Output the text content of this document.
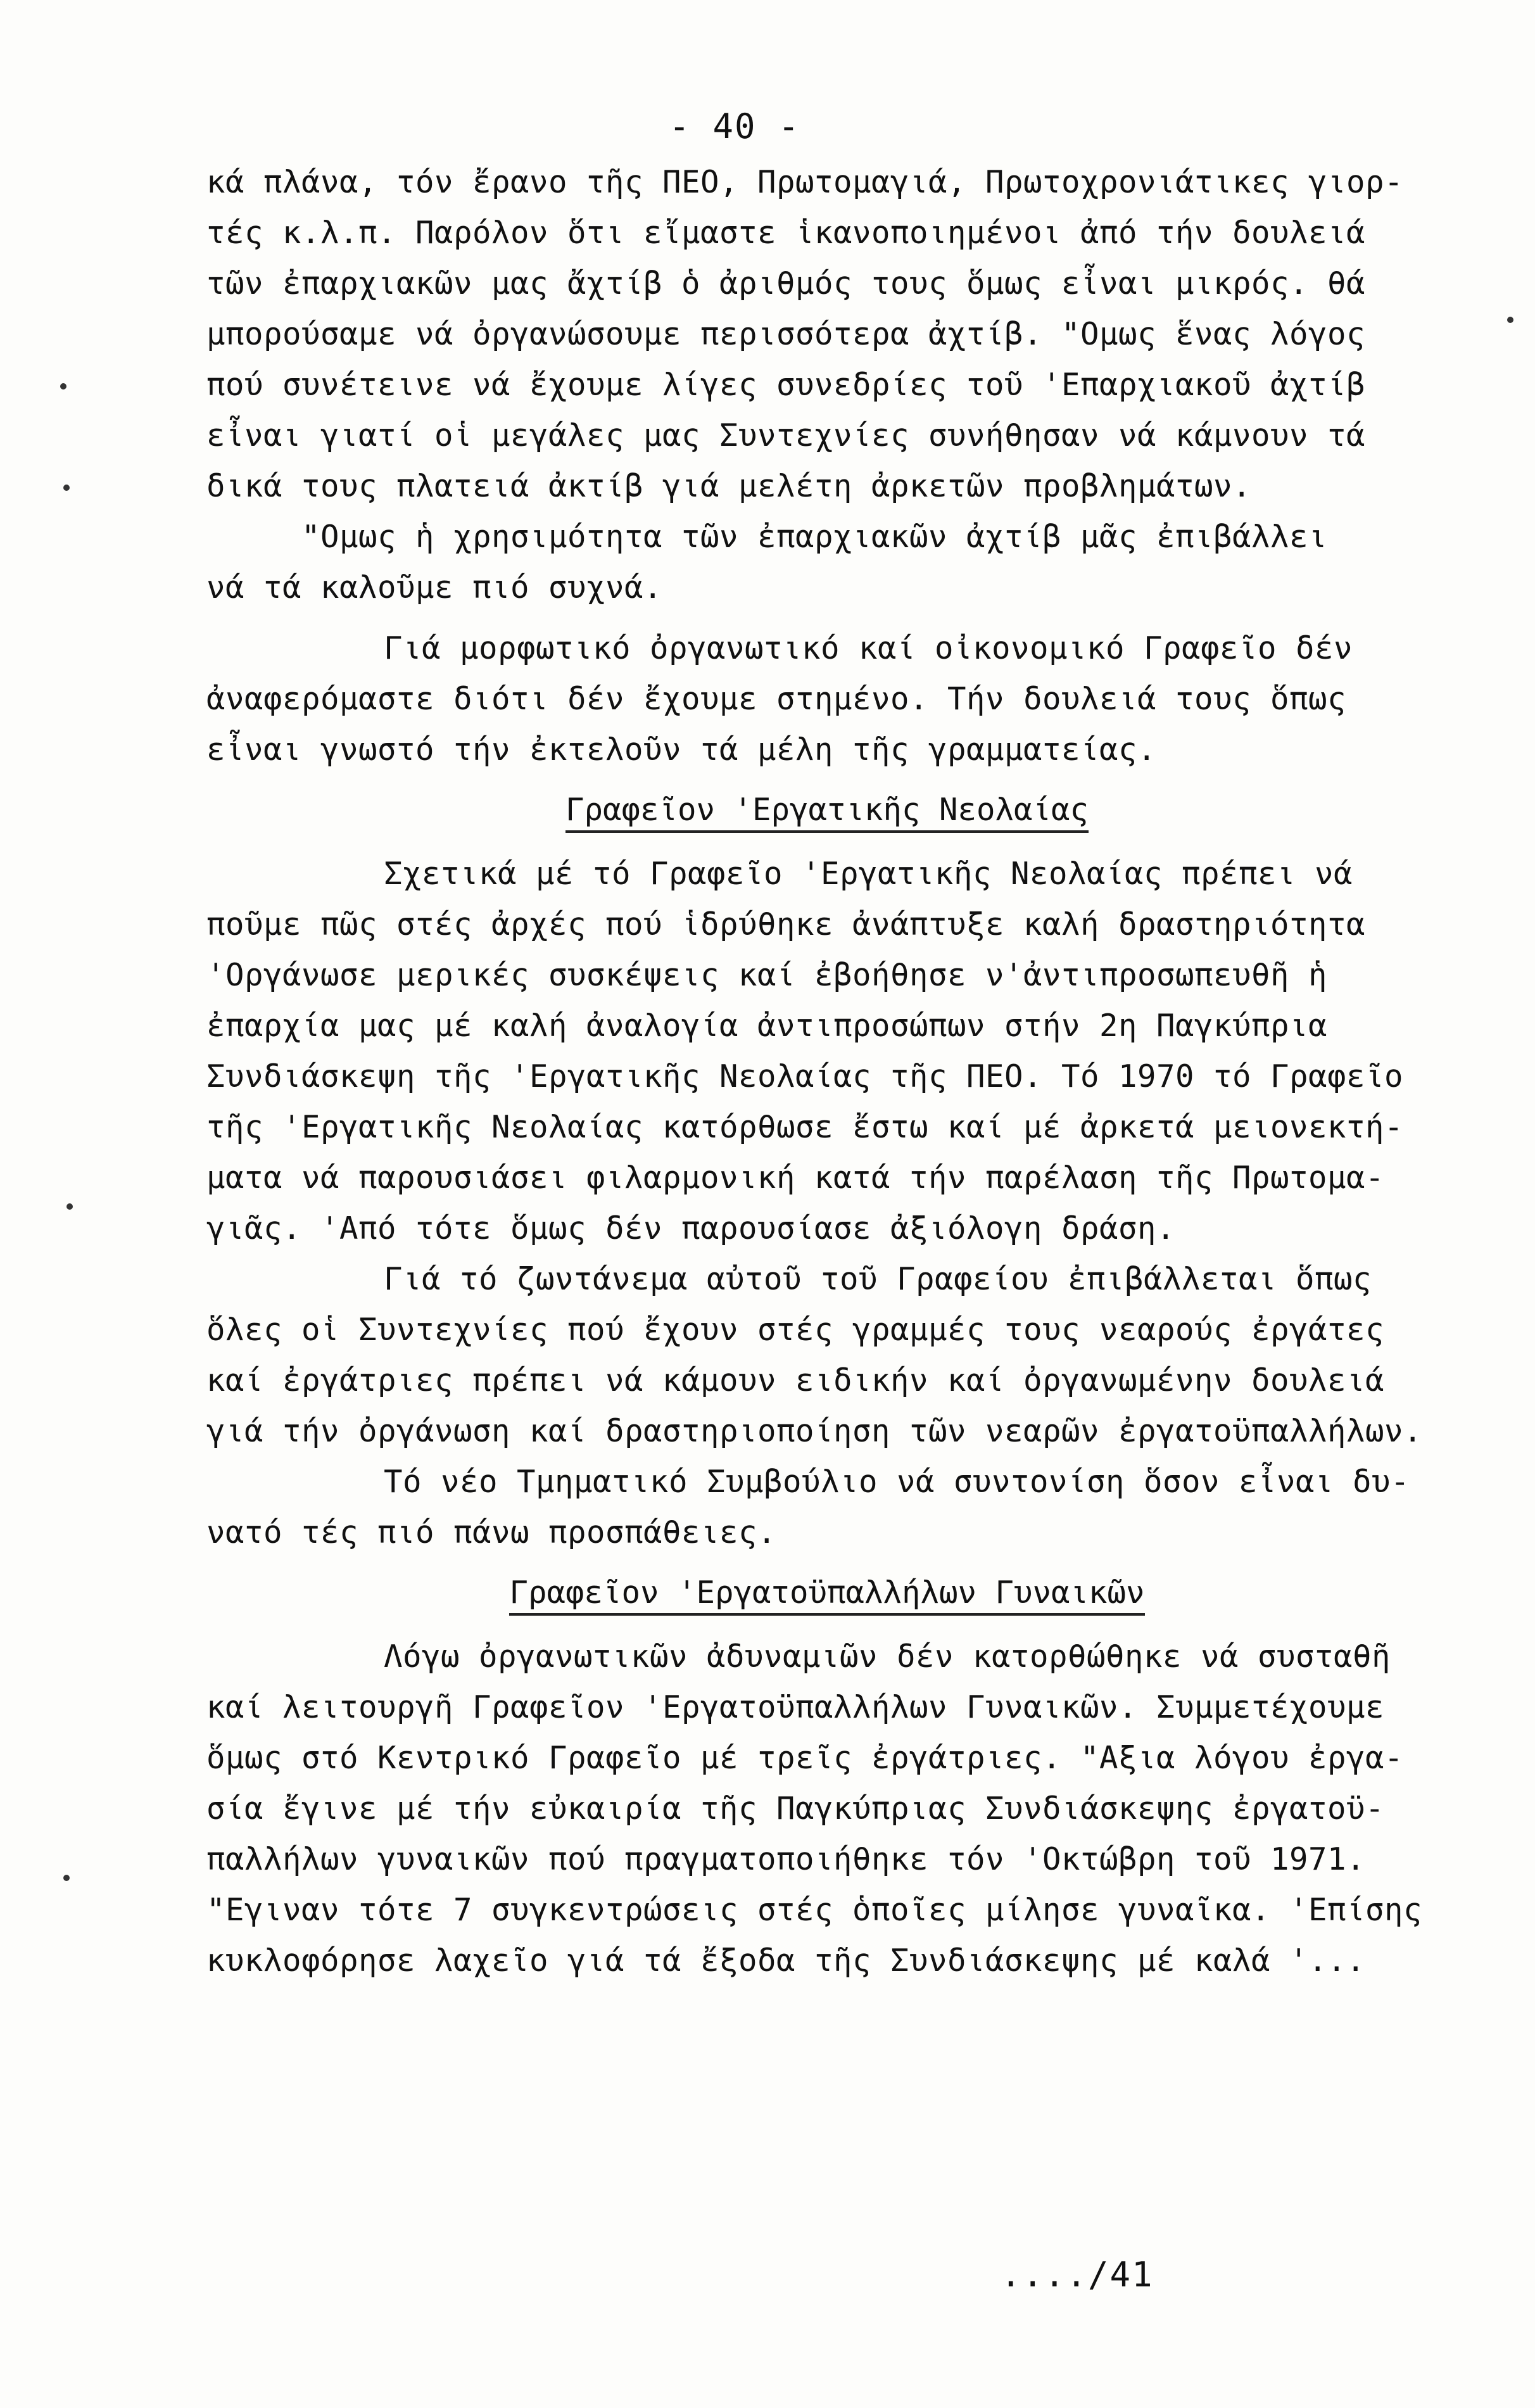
- 40 -
κά πλάνα, τόν ἔρανο τῆς ΠΕΟ, Πρωτομαγιά, Πρωτοχρονιάτικες γιορ-
τές κ.λ.π. Παρόλον ὅτι εἴμαστε ἱκανοποιημένοι ἀπό τήν δουλειά
τῶν ἐπαρχιακῶν μας ἄχτίβ ὁ ἀριθμός τους ὅμως εἶναι μικρός. θά
μπορούσαμε νά ὀργανώσουμε περισσότερα ἀχτίβ. "Ομως ἕνας λόγος
πού συνέτεινε νά ἔχουμε λίγες συνεδρίες τοῦ 'Επαρχιακοῦ ἀχτίβ
εἶναι γιατί οἱ μεγάλες μας Συντεχνίες συνήθησαν νά κάμνουν τά
δικά τους πλατειά ἀκτίβ γιά μελέτη ἀρκετῶν προβλημάτων.
"Ομως ἡ χρησιμότητα τῶν ἐπαρχιακῶν ἀχτίβ μᾶς ἐπιβάλλει
νά τά καλοῦμε πιό συχνά.
Γιά μορφωτικό ὀργανωτικό καί οἰκονομικό Γραφεῖο δέν
ἀναφερόμαστε διότι δέν ἔχουμε στημένο. Τήν δουλειά τους ὅπως
εἶναι γνωστό τήν ἐκτελοῦν τά μέλη τῆς γραμματείας.
Γραφεῖον 'Εργατικῆς Νεολαίας
Σχετικά μέ τό Γραφεῖο 'Εργατικῆς Νεολαίας πρέπει νά
ποῦμε πῶς στές ἀρχές πού ἱδρύθηκε ἀνάπτυξε καλή δραστηριότητα
'Οργάνωσε μερικές συσκέψεις καί ἐβοήθησε ν'ἀντιπροσωπευθῆ ἡ
ἐπαρχία μας μέ καλή ἀναλογία ἀντιπροσώπων στήν 2η Παγκύπρια
Συνδιάσκεψη τῆς 'Εργατικῆς Νεολαίας τῆς ΠΕΟ. Τό 1970 τό Γραφεῖο
τῆς 'Εργατικῆς Νεολαίας κατόρθωσε ἔστω καί μέ ἀρκετά μειονεκτή-
ματα νά παρουσιάσει φιλαρμονική κατά τήν παρέλαση τῆς Πρωτομα-
γιᾶς. 'Από τότε ὅμως δέν παρουσίασε ἀξιόλογη δράση.
Γιά τό ζωντάνεμα αὐτοῦ τοῦ Γραφείου ἐπιβάλλεται ὅπως
ὅλες οἱ Συντεχνίες πού ἔχουν στές γραμμές τους νεαρούς ἐργάτες
καί ἐργάτριες πρέπει νά κάμουν ειδικήν καί ὀργανωμένην δουλειά
γιά τήν ὀργάνωση καί δραστηριοποίηση τῶν νεαρῶν ἐργατοϋπαλλήλων.
Τό νέο Τμηματικό Συμβούλιο νά συντονίση ὅσον εἶναι δυ-
νατό τές πιό πάνω προσπάθειες.
Γραφεῖον 'Εργατοϋπαλλήλων Γυναικῶν
Λόγω ὀργανωτικῶν ἀδυναμιῶν δέν κατορθώθηκε νά συσταθῆ
καί λειτουργῆ Γραφεῖον 'Εργατοϋπαλλήλων Γυναικῶν. Συμμετέχουμε
ὅμως στό Κεντρικό Γραφεῖο μέ τρεῖς ἐργάτριες. "Αξια λόγου ἐργα-
σία ἔγινε μέ τήν εὐκαιρία τῆς Παγκύπριας Συνδιάσκεψης ἐργατοϋ-
παλλήλων γυναικῶν πού πραγματοποιήθηκε τόν 'Οκτώβρη τοῦ 1971.
"Εγιναν τότε 7 συγκεντρώσεις στές ὁποῖες μίλησε γυναῖκα. 'Επίσης
κυκλοφόρησε λαχεῖο γιά τά ἔξοδα τῆς Συνδιάσκεψης μέ καλά '...
..../41
